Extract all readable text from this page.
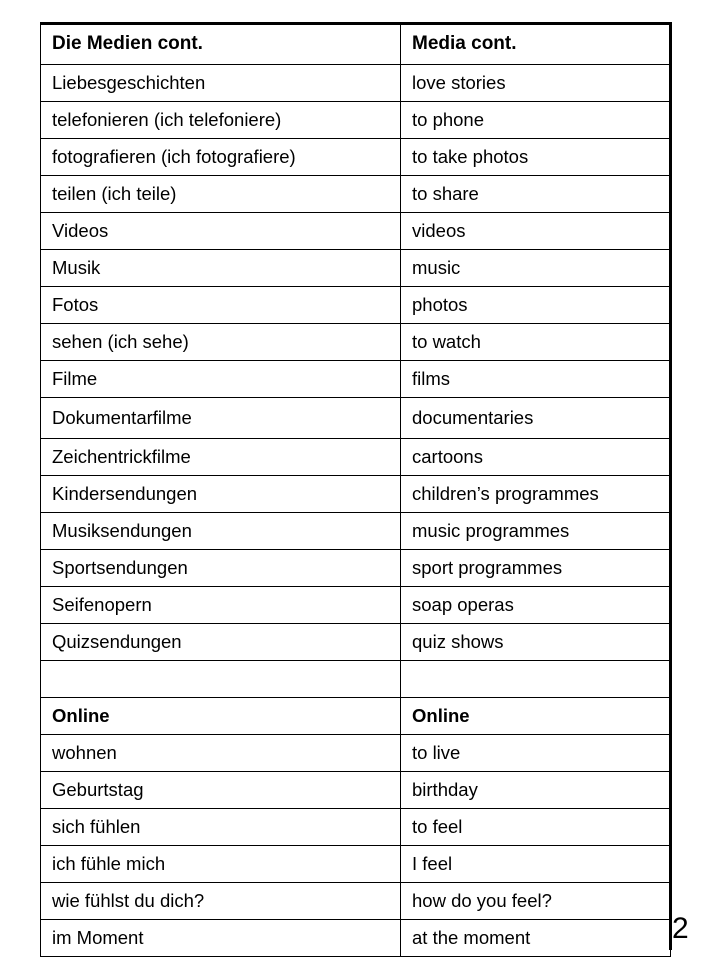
Die Medien cont.	Media cont.
Liebesgeschichten	love stories
telefonieren (ich telefoniere)	to phone
fotografieren (ich fotografiere)	to take photos
teilen (ich teile)	to share
Videos	videos
Musik	music
Fotos	photos
sehen (ich sehe)	to watch
Filme	films
Dokumentarfilme	documentaries
Zeichentrickfilme	cartoons
Kindersendungen	children’s programmes
Musiksendungen	music programmes
Sportsendungen	sport programmes
Seifenopern	soap operas
Quizsendungen	quiz shows

Online	Online
wohnen	to live
Geburtstag	birthday
sich fühlen	to feel
ich fühle mich	I feel
wie fühlst du dich?	how do you feel?
im Moment	at the moment	2
